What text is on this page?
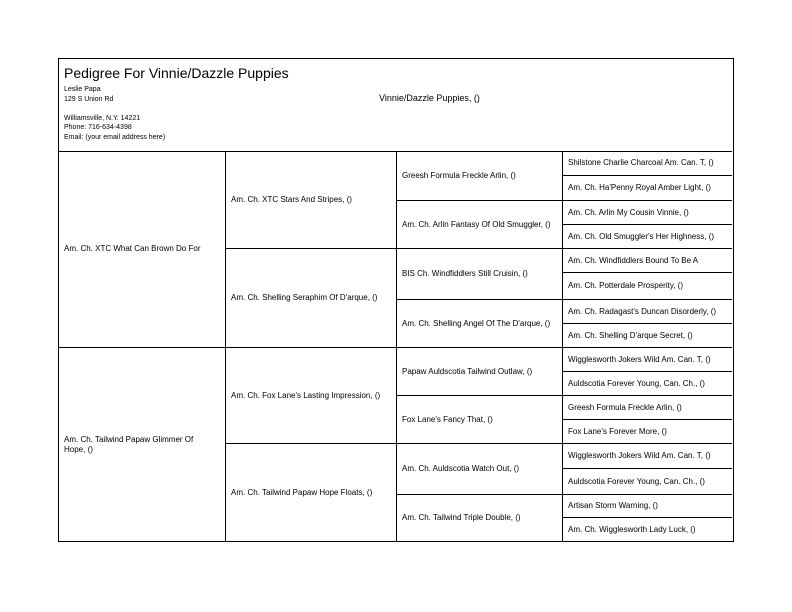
Pedigree For Vinnie/Dazzle Puppies
Leslie Papa
129 S Union Rd
Williamsville, N.Y. 14221
Phone: 716-634-4398
Email: (your email address here)
Vinnie/Dazzle Puppies, ()
Am. Ch. XTC What Can Brown Do For
Am. Ch. Tailwind Papaw Glimmer Of Hope, ()
Am. Ch. XTC Stars And Stripes, ()
Am. Ch. Shelling Seraphim Of D'arque, ()
Am. Ch. Fox Lane's Lasting Impression, ()
Am. Ch. Tailwind Papaw Hope Floats, ()
Greesh Formula Freckle Arlin, ()
Am. Ch. Arlin Fantasy Of Old Smuggler, ()
BIS Ch. Windfiddlers Still Cruisin, ()
Am. Ch. Shelling Angel Of The D'arque, ()
Papaw Auldscotia Tailwind Outlaw, ()
Fox Lane's Fancy That, ()
Am. Ch. Auldscotia Watch Out, ()
Am. Ch. Tailwind Triple Double, ()
Shilstone Charlie Charcoal Am. Can. T, ()
Am. Ch. Ha'Penny Royal Amber Light, ()
Am. Ch. Arlin My Cousin Vinnie, ()
Am. Ch. Old Smuggler's Her Highness, ()
Am. Ch. Windfiddlers Bound To Be A
Am. Ch. Potterdale Prosperity, ()
Am. Ch. Radagast's Duncan Disorderly, ()
Am. Ch. Shelling D'arque Secret, ()
Wigglesworth Jokers Wild Am. Can. T, ()
Auldscotia Forever Young, Can. Ch., ()
Greesh Formula Freckle Arlin, ()
Fox Lane's Forever More, ()
Wigglesworth Jokers Wild Am. Can. T, ()
Auldscotia Forever Young, Can. Ch., ()
Artisan Storm Warning, ()
Am. Ch. Wigglesworth Lady Luck, ()
